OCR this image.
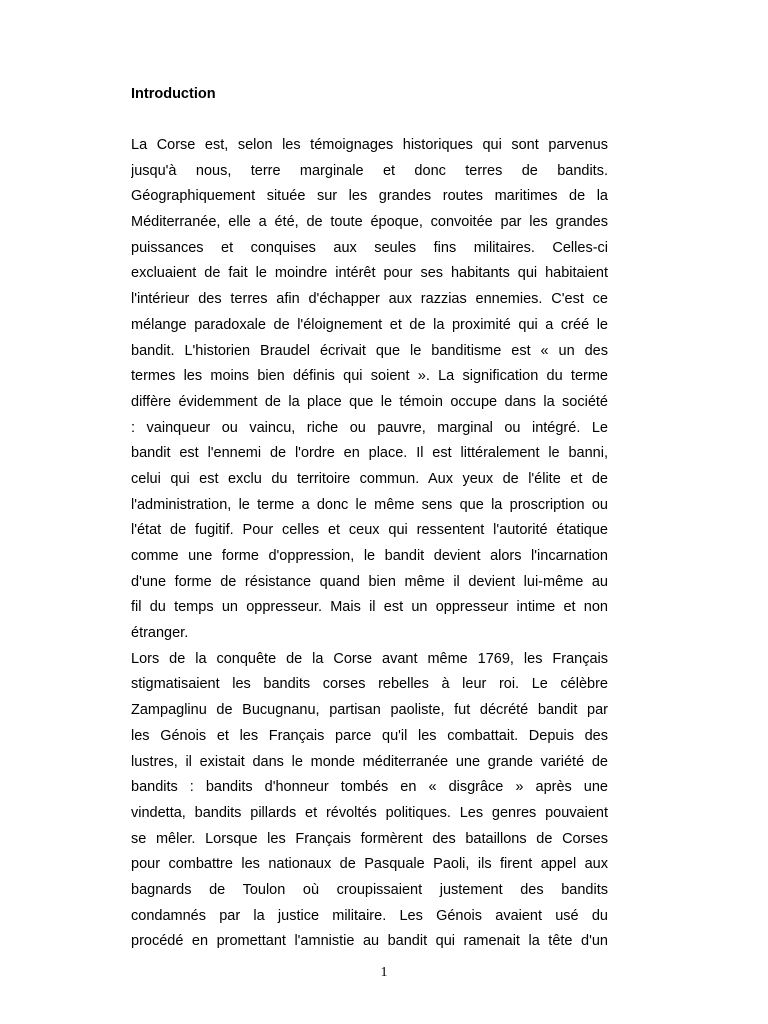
Introduction
La Corse est, selon les témoignages historiques qui sont parvenus
jusqu'à nous, terre marginale et donc terres de bandits.
Géographiquement située sur les grandes routes maritimes de la
Méditerranée, elle a été, de toute époque, convoitée par les grandes
puissances et conquises aux seules fins militaires. Celles-ci
excluaient de fait le moindre intérêt pour ses habitants qui habitaient
l'intérieur des terres afin d'échapper aux razzias ennemies. C'est ce
mélange paradoxale de l'éloignement et de la proximité qui a créé le
bandit. L'historien Braudel écrivait que le banditisme est « un des
termes les moins bien définis qui soient ». La signification du terme
diffère évidemment de la place que le témoin occupe dans la société
: vainqueur ou vaincu, riche ou pauvre, marginal ou intégré. Le
bandit est l'ennemi de l'ordre en place. Il est littéralement le banni,
celui qui est exclu du territoire commun. Aux yeux de l'élite et de
l'administration, le terme a donc le même sens que la proscription ou
l'état de fugitif. Pour celles et ceux qui ressentent l'autorité étatique
comme une forme d'oppression, le bandit devient alors l'incarnation
d'une forme de résistance quand bien même il devient lui-même au
fil du temps un oppresseur. Mais il est un oppresseur intime et non
étranger.
Lors de la conquête de la Corse avant même 1769, les Français
stigmatisaient les bandits corses rebelles à leur roi. Le célèbre
Zampaglinu de Bucugnanu, partisan paoliste, fut décrété bandit par
les Génois et les Français parce qu'il les combattait. Depuis des
lustres, il existait dans le monde méditerranée une grande variété de
bandits : bandits d'honneur tombés en « disgrâce » après une
vindetta, bandits pillards et révoltés politiques. Les genres pouvaient
se mêler. Lorsque les Français formèrent des bataillons de Corses
pour combattre les nationaux de Pasquale Paoli, ils firent appel aux
bagnards de Toulon où croupissaient justement des bandits
condamnés par la justice militaire. Les Génois avaient usé du
procédé en promettant l'amnistie au bandit qui ramenait la tête d'un
1
